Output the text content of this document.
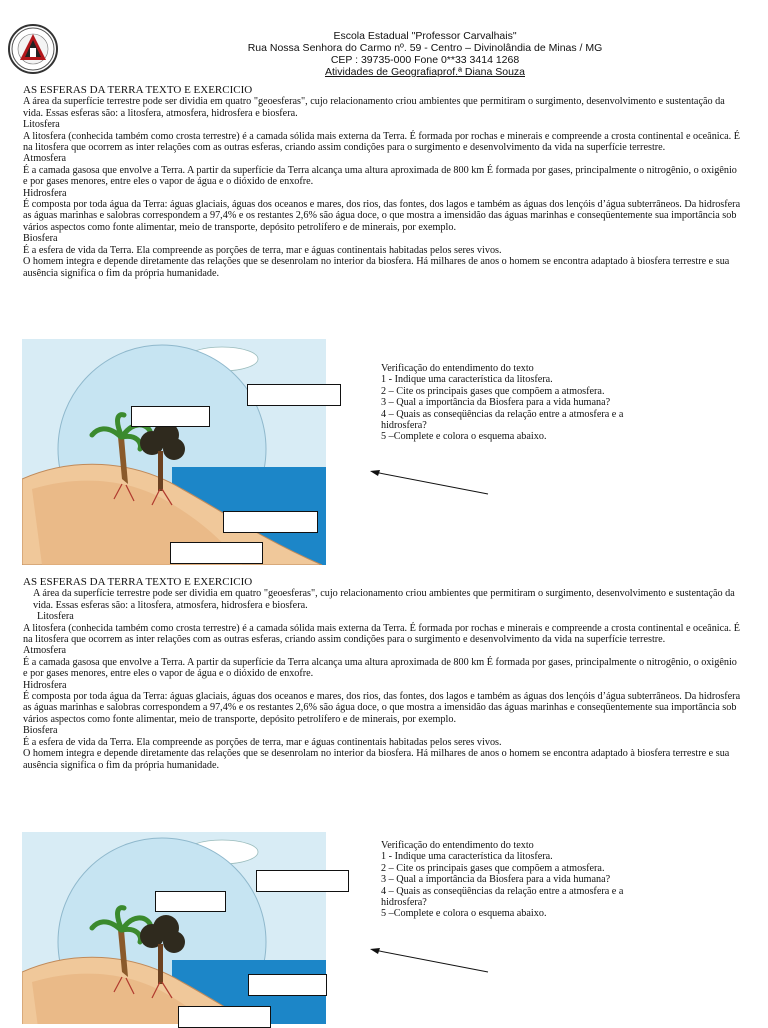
Escola Estadual "Professor Carvalhais"
Rua Nossa Senhora do Carmo nº. 59 - Centro – Divinolândia de Minas / MG
CEP : 39735-000 Fone 0**33 3414 1268
Atividades de Geografiaprof.ª Diana Souza

AS ESFERAS DA TERRA TEXTO E EXERCICIO

A área da superfície terrestre pode ser dividia em quatro "geoesferas", cujo relacionamento criou ambientes que permitiram o surgimento, desenvolvimento e sustentação da vida. Essas esferas são: a litosfera, atmosfera, hidrosfera e biosfera.

Litosfera

A litosfera (conhecida também como crosta terrestre) é a camada sólida mais externa da Terra. É formada por rochas e minerais e compreende a crosta continental e oceânica. É na litosfera que ocorrem as inter relações com as outras esferas, criando assim condições para o surgimento e desenvolvimento da vida na superfície terrestre.

Atmosfera

É a camada gasosa que envolve a Terra. A partir da superfície da Terra alcança uma altura aproximada de 800 km É formada por gases, principalmente o nitrogênio, o oxigênio e por gases menores, entre eles o vapor de água e o dióxido de enxofre.

Hidrosfera

É composta por toda água da Terra: águas glaciais, águas dos oceanos e mares, dos rios, das fontes, dos lagos e também as águas dos lençóis d’água subterrâneos. Da hidrosfera as águas marinhas e salobras correspondem a 97,4% e os restantes 2,6% são água doce, o que mostra a imensidão das águas marinhas e conseqüentemente sua importância sob vários aspectos como fonte alimentar, meio de transporte, depósito petrolífero e de minerais, por exemplo.

Biosfera

É a esfera de vida da Terra. Ela compreende as porções de terra, mar e águas continentais habitadas pelos seres vivos.

O homem integra e depende diretamente das relações que se desenrolam no interior da biosfera. Há milhares de anos o homem se encontra adaptado à biosfera terrestre e sua ausência significa o fim da própria humanidade.

Verificação do entendimento do texto

1 - Indique uma característica da litosfera.

2 – Cite os principais gases que compõem a atmosfera.

3 – Qual a importância da Biosfera para a vida humana?

4 – Quais as conseqüências da relação entre a atmosfera e a hidrosfera?

5 –Complete e colora o esquema abaixo.

AS ESFERAS DA TERRA TEXTO E EXERCICIO

A área da superfície terrestre pode ser dividia em quatro "geoesferas", cujo relacionamento criou ambientes que permitiram o surgimento, desenvolvimento e sustentação da vida. Essas esferas são: a litosfera, atmosfera, hidrosfera e biosfera.

Litosfera

A litosfera (conhecida também como crosta terrestre) é a camada sólida mais externa da Terra. É formada por rochas e minerais e compreende a crosta continental e oceânica. É na litosfera que ocorrem as inter relações com as outras esferas, criando assim condições para o surgimento e desenvolvimento da vida na superfície terrestre.

Atmosfera

É a camada gasosa que envolve a Terra. A partir da superfície da Terra alcança uma altura aproximada de 800 km É formada por gases, principalmente o nitrogênio, o oxigênio e por gases menores, entre eles o vapor de água e o dióxido de enxofre.

Hidrosfera

É composta por toda água da Terra: águas glaciais, águas dos oceanos e mares, dos rios, das fontes, dos lagos e também as águas dos lençóis d’água subterrâneos. Da hidrosfera as águas marinhas e salobras correspondem a 97,4% e os restantes 2,6% são água doce, o que mostra a imensidão das águas marinhas e conseqüentemente sua importância sob vários aspectos como fonte alimentar, meio de transporte, depósito petrolífero e de minerais, por exemplo.

Biosfera

É a esfera de vida da Terra. Ela compreende as porções de terra, mar e águas continentais habitadas pelos seres vivos.

O homem integra e depende diretamente das relações que se desenrolam no interior da biosfera. Há milhares de anos o homem se encontra adaptado à biosfera terrestre e sua ausência significa o fim da própria humanidade.

Verificação do entendimento do texto

1 - Indique uma característica da litosfera.

2 – Cite os principais gases que compõem a atmosfera.

3 – Qual a importância da Biosfera para a vida humana?

4 – Quais as conseqüências da relação entre a atmosfera e a hidrosfera?

5 –Complete e colora o esquema abaixo.
